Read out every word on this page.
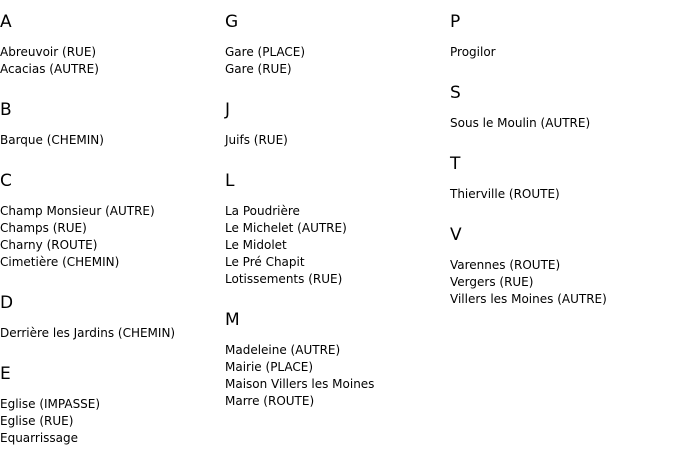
A
Abreuvoir (RUE)
Acacias (AUTRE)
B
Barque (CHEMIN)
C
Champ Monsieur (AUTRE)
Champs (RUE)
Charny (ROUTE)
Cimetière (CHEMIN)
D
Derrière les Jardins (CHEMIN)
E
Eglise (IMPASSE)
Eglise (RUE)
Equarrissage
G
Gare (PLACE)
Gare (RUE)
J
Juifs (RUE)
L
La Poudrière
Le Michelet (AUTRE)
Le Midolet
Le Pré Chapit
Lotissements (RUE)
M
Madeleine (AUTRE)
Mairie (PLACE)
Maison Villers les Moines
Marre (ROUTE)
P
Progilor
S
Sous le Moulin (AUTRE)
T
Thierville (ROUTE)
V
Varennes (ROUTE)
Vergers (RUE)
Villers les Moines (AUTRE)
